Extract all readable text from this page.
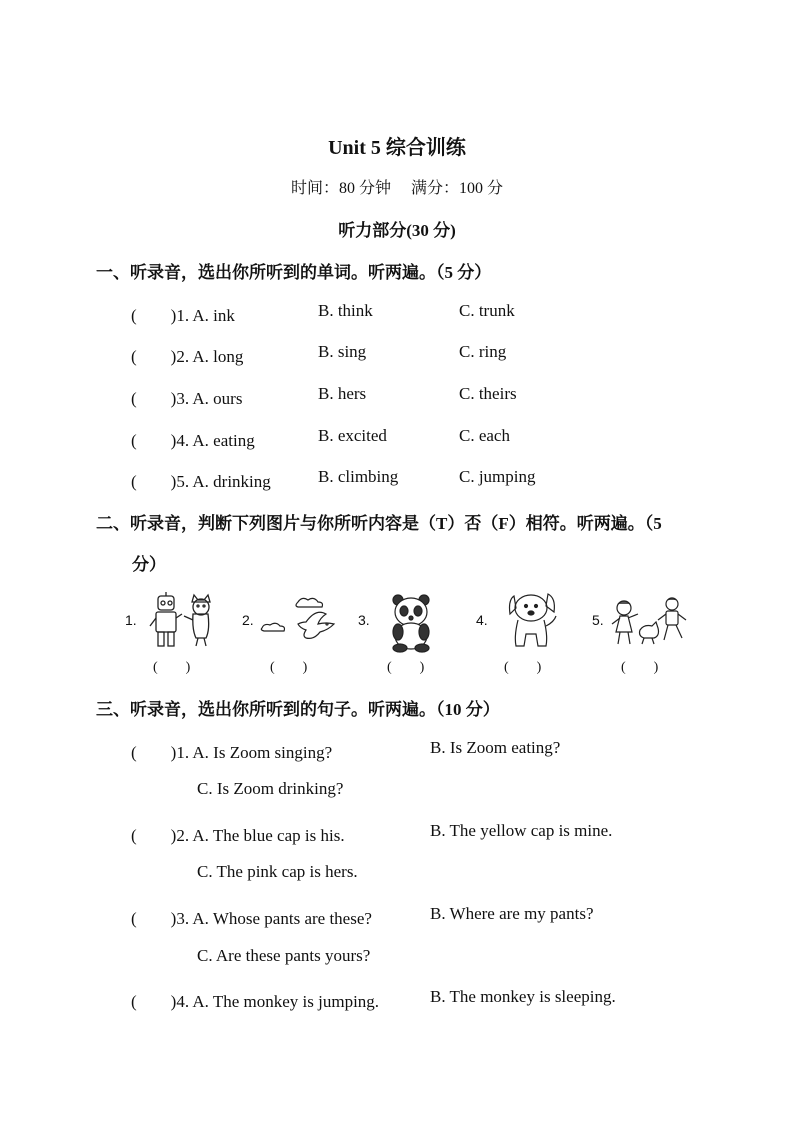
Unit 5 综合训练
时间：80 分钟　 满分：100 分
听力部分(30 分)
一、听录音，选出你所听到的单词。听两遍。（5 分）
(　　)1. A. ink	B. think	C. trunk
(　　)2. A. long	B. sing	C. ring
(　　)3. A. ours	B. hers	C. theirs
(　　)4. A. eating	B. excited	C. each
(　　)5. A. drinking	B. climbing	C. jumping
二、听录音，判断下列图片与你所听内容是（T）否（F）相符。听两遍。（5
分）
1.
(　　)
2.
(　　)
3.
(　　)
4.
(　　)
5.
(　　)
三、听录音，选出你所听到的句子。听两遍。（10 分）
(　　)1. A. Is Zoom singing?	B. Is Zoom eating?
C. Is Zoom drinking?
(　　)2. A. The blue cap is his.	B. The yellow cap is mine.
C. The pink cap is hers.
(　　)3. A. Whose pants are these?	B. Where are my pants?
C. Are these pants yours?
(　　)4. A. The monkey is jumping.	B. The monkey is sleeping.
